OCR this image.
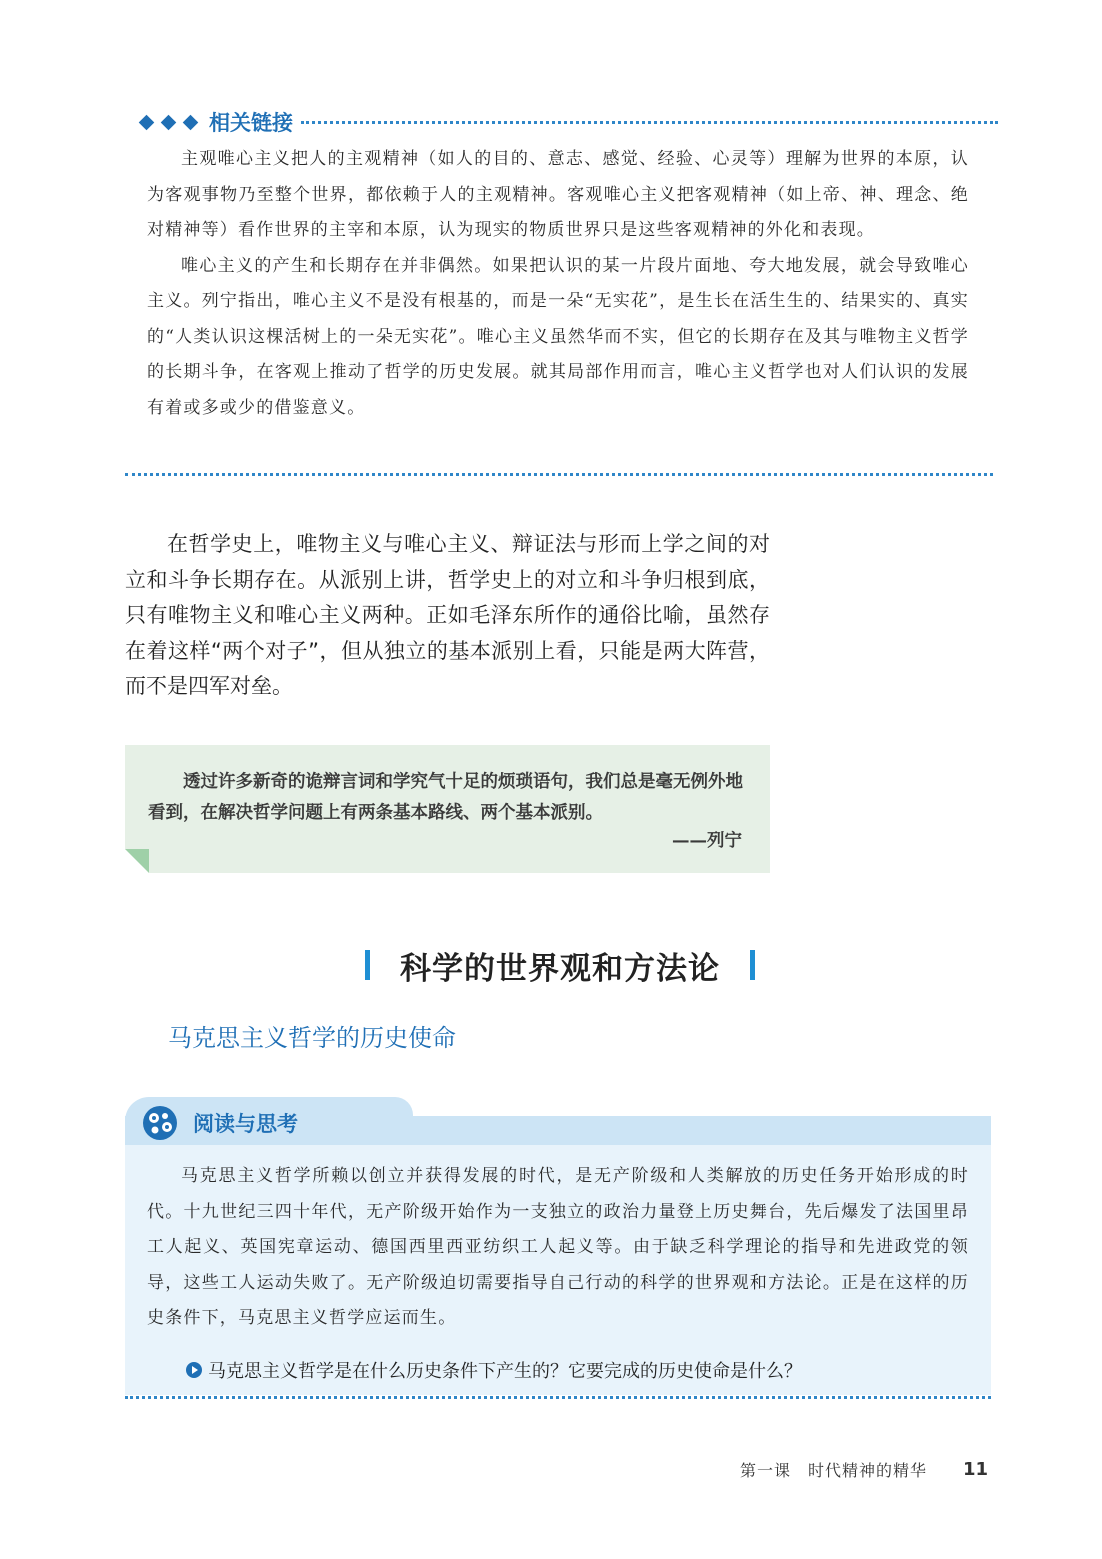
相关链接

主观唯心主义把人的主观精神（如人的目的、意志、感觉、经验、心灵等）理解为世界的本原，认为客观事物乃至整个世界，都依赖于人的主观精神。客观唯心主义把客观精神（如上帝、神、理念、绝对精神等）看作世界的主宰和本原，认为现实的物质世界只是这些客观精神的外化和表现。

唯心主义的产生和长期存在并非偶然。如果把认识的某一片段片面地、夸大地发展，就会导致唯心主义。列宁指出，唯心主义不是没有根基的，而是一朵“无实花”，是生长在活生生的、结果实的、真实的“人类认识这棵活树上的一朵无实花”。唯心主义虽然华而不实，但它的长期存在及其与唯物主义哲学的长期斗争，在客观上推动了哲学的历史发展。就其局部作用而言，唯心主义哲学也对人们认识的发展有着或多或少的借鉴意义。

在哲学史上，唯物主义与唯心主义、辩证法与形而上学之间的对立和斗争长期存在。从派别上讲，哲学史上的对立和斗争归根到底，只有唯物主义和唯心主义两种。正如毛泽东所作的通俗比喻，虽然存在着这样“两个对子”，但从独立的基本派别上看，只能是两大阵营，而不是四军对垒。

透过许多新奇的诡辩言词和学究气十足的烦琐语句，我们总是毫无例外地看到，在解决哲学问题上有两条基本路线、两个基本派别。

——列宁
科学的世界观和方法论
马克思主义哲学的历史使命
阅读与思考

马克思主义哲学所赖以创立并获得发展的时代，是无产阶级和人类解放的历史任务开始形成的时代。十九世纪三四十年代，无产阶级开始作为一支独立的政治力量登上历史舞台，先后爆发了法国里昂工人起义、英国宪章运动、德国西里西亚纺织工人起义等。由于缺乏科学理论的指导和先进政党的领导，这些工人运动失败了。无产阶级迫切需要指导自己行动的科学的世界观和方法论。正是在这样的历史条件下，马克思主义哲学应运而生。

马克思主义哲学是在什么历史条件下产生的？它要完成的历史使命是什么？
第一课　时代精神的精华 11
